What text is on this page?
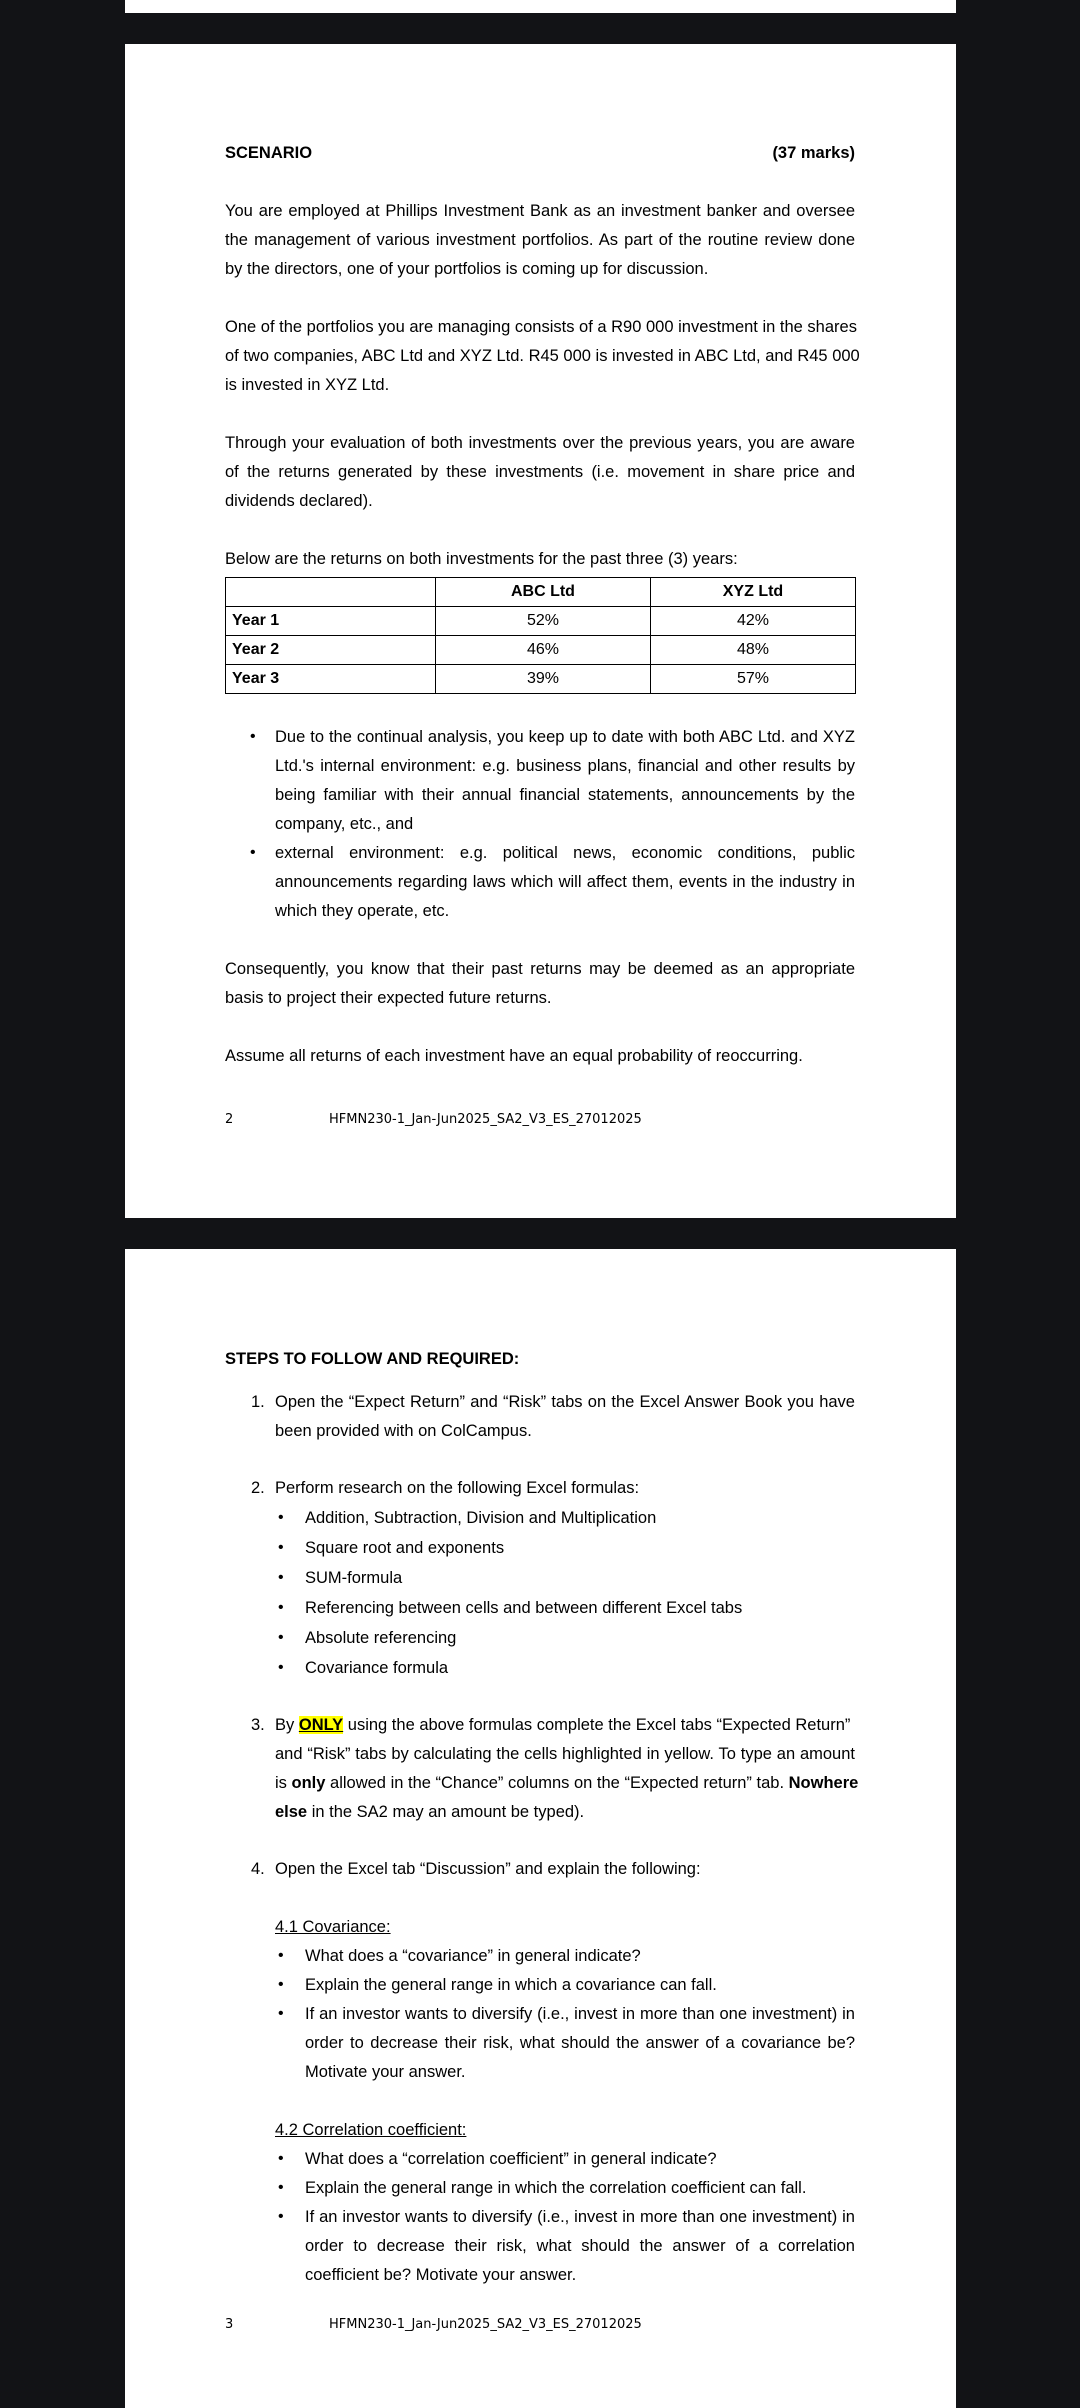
SCENARIO	(37 marks)
You are employed at Phillips Investment Bank as an investment banker and oversee
the management of various investment portfolios. As part of the routine review done
by the directors, one of your portfolios is coming up for discussion.
One of the portfolios you are managing consists of a R90 000 investment in the shares
of two companies, ABC Ltd and XYZ Ltd. R45 000 is invested in ABC Ltd, and R45 000
is invested in XYZ Ltd.
Through your evaluation of both investments over the previous years, you are aware
of the returns generated by these investments (i.e. movement in share price and
dividends declared).
Below are the returns on both investments for the past three (3) years:
	ABC Ltd	XYZ Ltd
Year 1	52%	42%
Year 2	46%	48%
Year 3	39%	57%
• Due to the continual analysis, you keep up to date with both ABC Ltd. and XYZ
Ltd.'s internal environment: e.g. business plans, financial and other results by
being familiar with their annual financial statements, announcements by the
company, etc., and
• external environment: e.g. political news, economic conditions, public
announcements regarding laws which will affect them, events in the industry in
which they operate, etc.
Consequently, you know that their past returns may be deemed as an appropriate
basis to project their expected future returns.
Assume all returns of each investment have an equal probability of reoccurring.
2	HFMN230-1_Jan-Jun2025_SA2_V3_ES_27012025
STEPS TO FOLLOW AND REQUIRED:
1. Open the “Expect Return” and “Risk” tabs on the Excel Answer Book you have
been provided with on ColCampus.
2. Perform research on the following Excel formulas:
• Addition, Subtraction, Division and Multiplication
• Square root and exponents
• SUM-formula
• Referencing between cells and between different Excel tabs
• Absolute referencing
• Covariance formula
3. By ONLY using the above formulas complete the Excel tabs “Expected Return”
and “Risk” tabs by calculating the cells highlighted in yellow. To type an amount
is only allowed in the “Chance” columns on the “Expected return” tab. Nowhere
else in the SA2 may an amount be typed).
4. Open the Excel tab “Discussion” and explain the following:
4.1 Covariance:
• What does a “covariance” in general indicate?
• Explain the general range in which a covariance can fall.
• If an investor wants to diversify (i.e., invest in more than one investment) in
order to decrease their risk, what should the answer of a covariance be?
Motivate your answer.
4.2 Correlation coefficient:
• What does a “correlation coefficient” in general indicate?
• Explain the general range in which the correlation coefficient can fall.
• If an investor wants to diversify (i.e., invest in more than one investment) in
order to decrease their risk, what should the answer of a correlation
coefficient be? Motivate your answer.
3	HFMN230-1_Jan-Jun2025_SA2_V3_ES_27012025
